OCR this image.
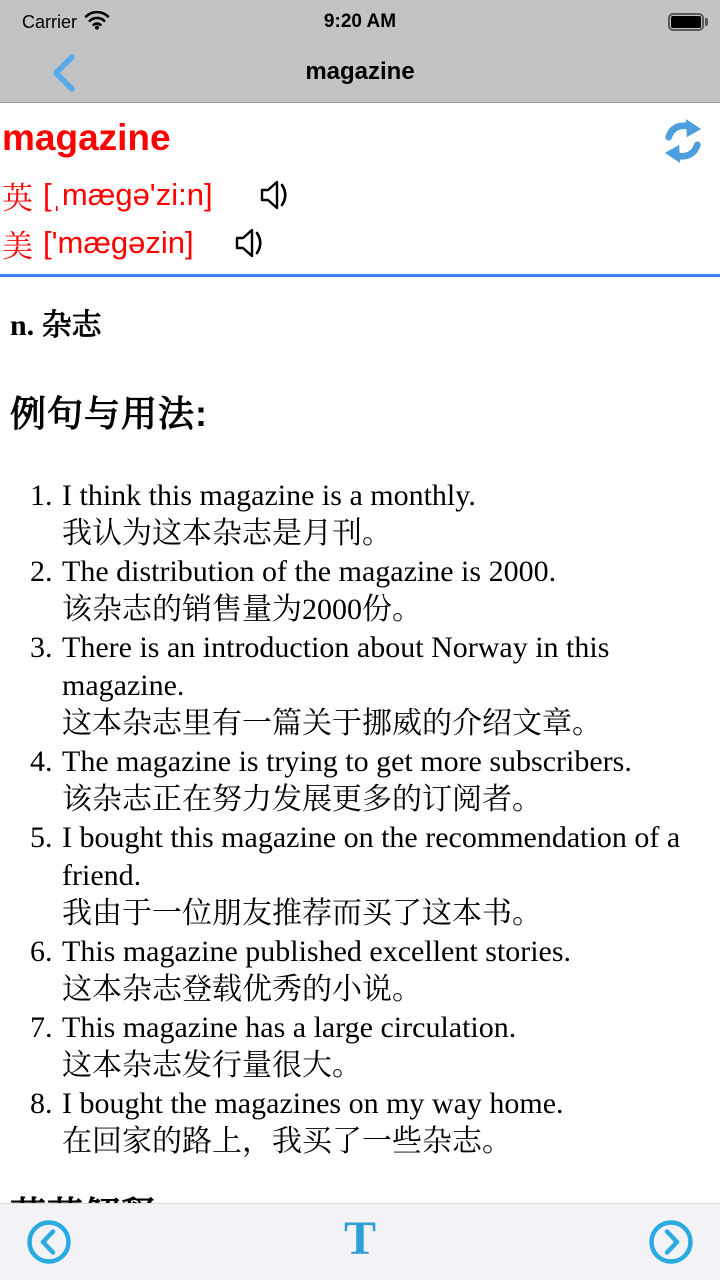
Carrier	9:20 AM
magazine
magazine
英 [ˌmægə'zi:n]
美 ['mægəzin]
n. 杂志
例句与用法:
1. I think this magazine is a monthly.
我认为这本杂志是月刊。
2. The distribution of the magazine is 2000.
该杂志的销售量为2000份。
3. There is an introduction about Norway in this magazine.
这本杂志里有一篇关于挪威的介绍文章。
4. The magazine is trying to get more subscribers.
该杂志正在努力发展更多的订阅者。
5. I bought this magazine on the recommendation of a friend.
我由于一位朋友推荐而买了这本书。
6. This magazine published excellent stories.
这本杂志登载优秀的小说。
7. This magazine has a large circulation.
这本杂志发行量很大。
8. I bought the magazines on my way home.
在回家的路上，我买了一些杂志。
T
